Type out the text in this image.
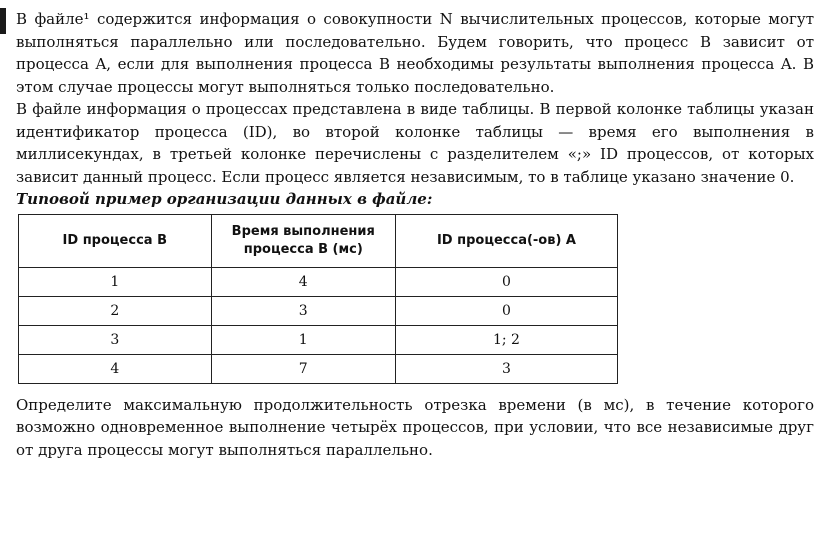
В файле¹ содержится информация о совокупности N вычислительных процессов, которые могут выполняться параллельно или последовательно. Будем говорить, что процесс B зависит от процесса A, если для выполнения процесса B необходимы результаты выполнения процесса A. В этом случае процессы могут выполняться только последовательно.

В файле информация о процессах представлена в виде таблицы. В первой колонке таблицы указан идентификатор процесса (ID), во второй колонке таблицы — время его выполнения в миллисекундах, в третьей колонке перечислены с разделителем «;» ID процессов, от которых зависит данный процесс. Если процесс является независимым, то в таблице указано значение 0.

Типовой пример организации данных в файле:

ID процесса B	Время выполнения процесса B (мс)	ID процесса(-ов) A
1	4	0
2	3	0
3	1	1; 2
4	7	3

Определите максимальную продолжительность отрезка времени (в мс), в течение которого возможно одновременное выполнение четырёх процессов, при условии, что все независимые друг от друга процессы могут выполняться параллельно.
